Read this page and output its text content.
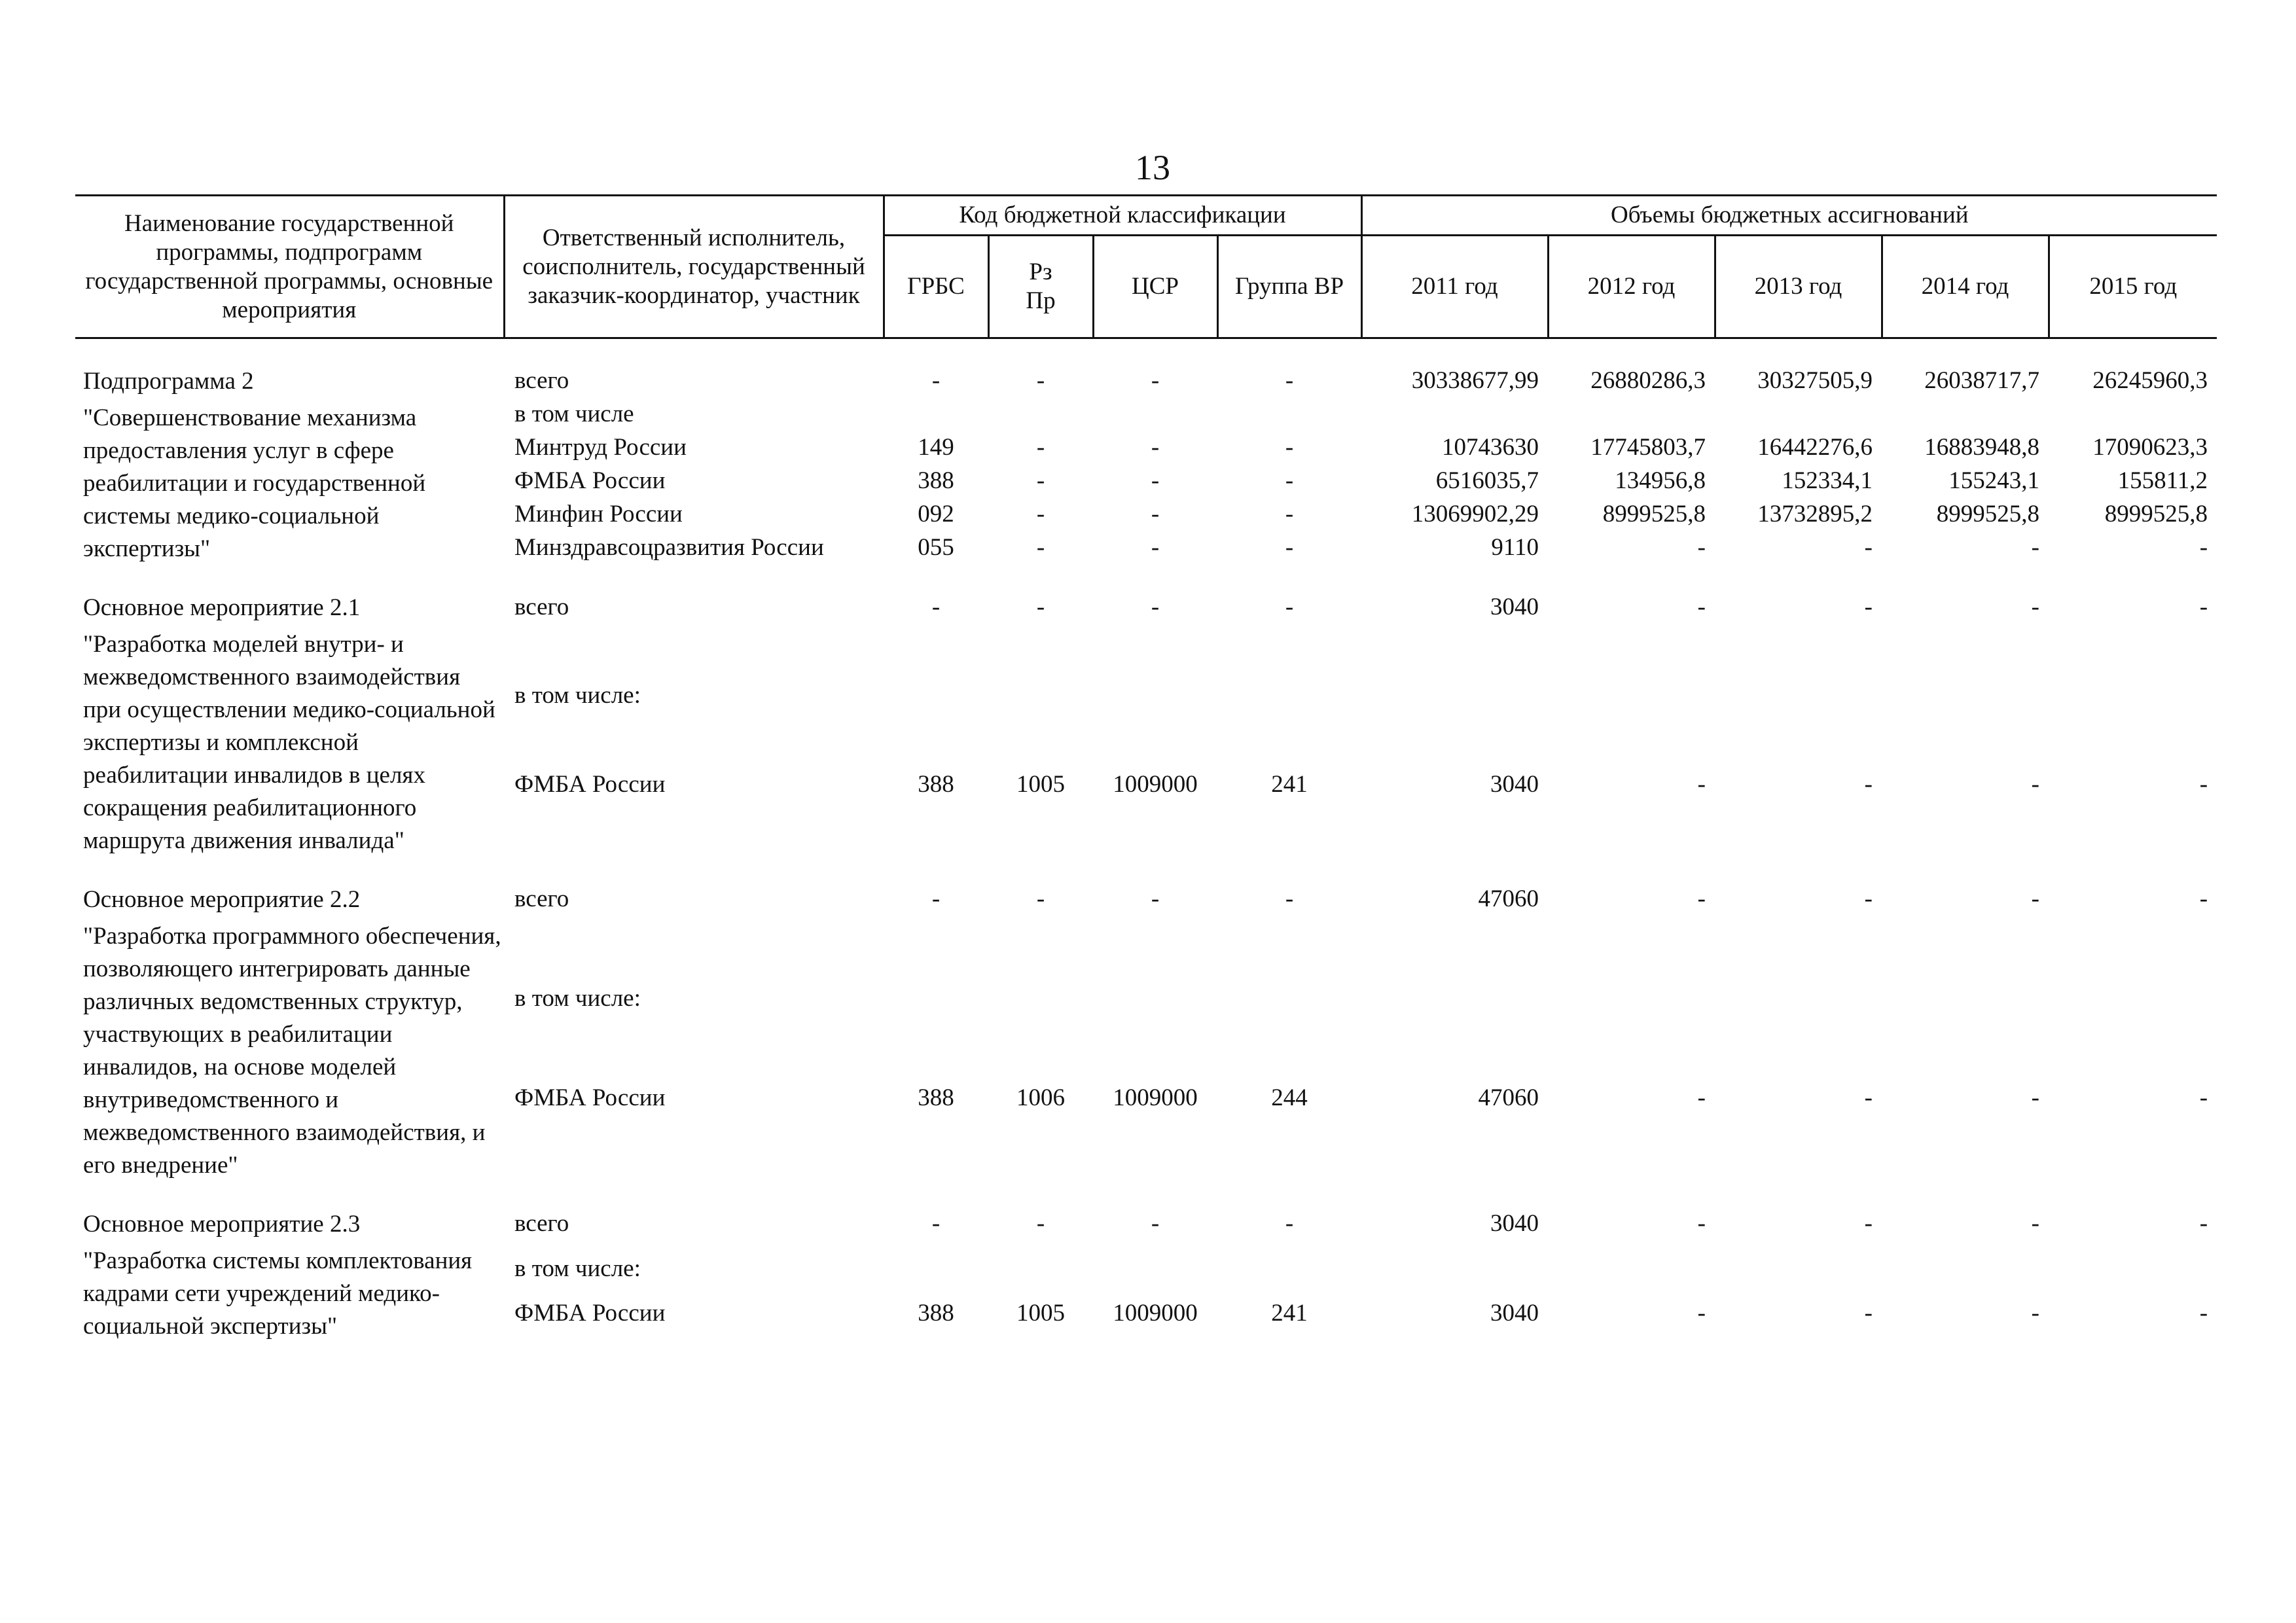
13
Наименование государственной программы, подпрограмм государственной программы, основные мероприятия	Ответственный исполнитель, соисполнитель, государственный заказчик-координатор, участник	Код бюджетной классификации				Объемы бюджетных ассигнований				
		ГРБС	Рз
Пр	ЦСР	Группа ВР	2011 год	2012 год	2013 год	2014 год	2015 год

Подпрограмма 2
"Совершенствование механизма предоставления услуг в сфере реабилитации и государственной системы медико-социальной экспертизы"	всего	-	-	-	-	30338677,99	26880286,3	30327505,9	26038717,7	26245960,3
	в том числе									
	Минтруд России	149	-	-	-	10743630	17745803,7	16442276,6	16883948,8	17090623,3
	ФМБА России	388	-	-	-	6516035,7	134956,8	152334,1	155243,1	155811,2
	Минфин России	092	-	-	-	13069902,29	8999525,8	13732895,2	8999525,8	8999525,8
	Минздравсоцразвития России	055	-	-	-	9110	-	-	-	-

Основное мероприятие 2.1
"Разработка моделей внутри- и межведомственного взаимодействия при осуществлении медико-социальной экспертизы и комплексной реабилитации инвалидов в целях сокращения реабилитационного маршрута движения инвалида"	всего	-	-	-	-	3040	-	-	-	-
	в том числе:									
	ФМБА России	388	1005	1009000	241	3040	-	-	-	-

Основное мероприятие 2.2
"Разработка программного обеспечения, позволяющего интегрировать данные различных ведомственных структур, участвующих в реабилитации инвалидов, на основе моделей внутриведомственного и межведомственного взаимодействия, и его внедрение"	всего	-	-	-	-	47060	-	-	-	-
	в том числе:									
	ФМБА России	388	1006	1009000	244	47060	-	-	-	-

Основное мероприятие 2.3
"Разработка системы комплектования кадрами сети учреждений медико-социальной экспертизы"	всего	-	-	-	-	3040	-	-	-	-
	в том числе:									
	ФМБА России	388	1005	1009000	241	3040	-	-	-	-
